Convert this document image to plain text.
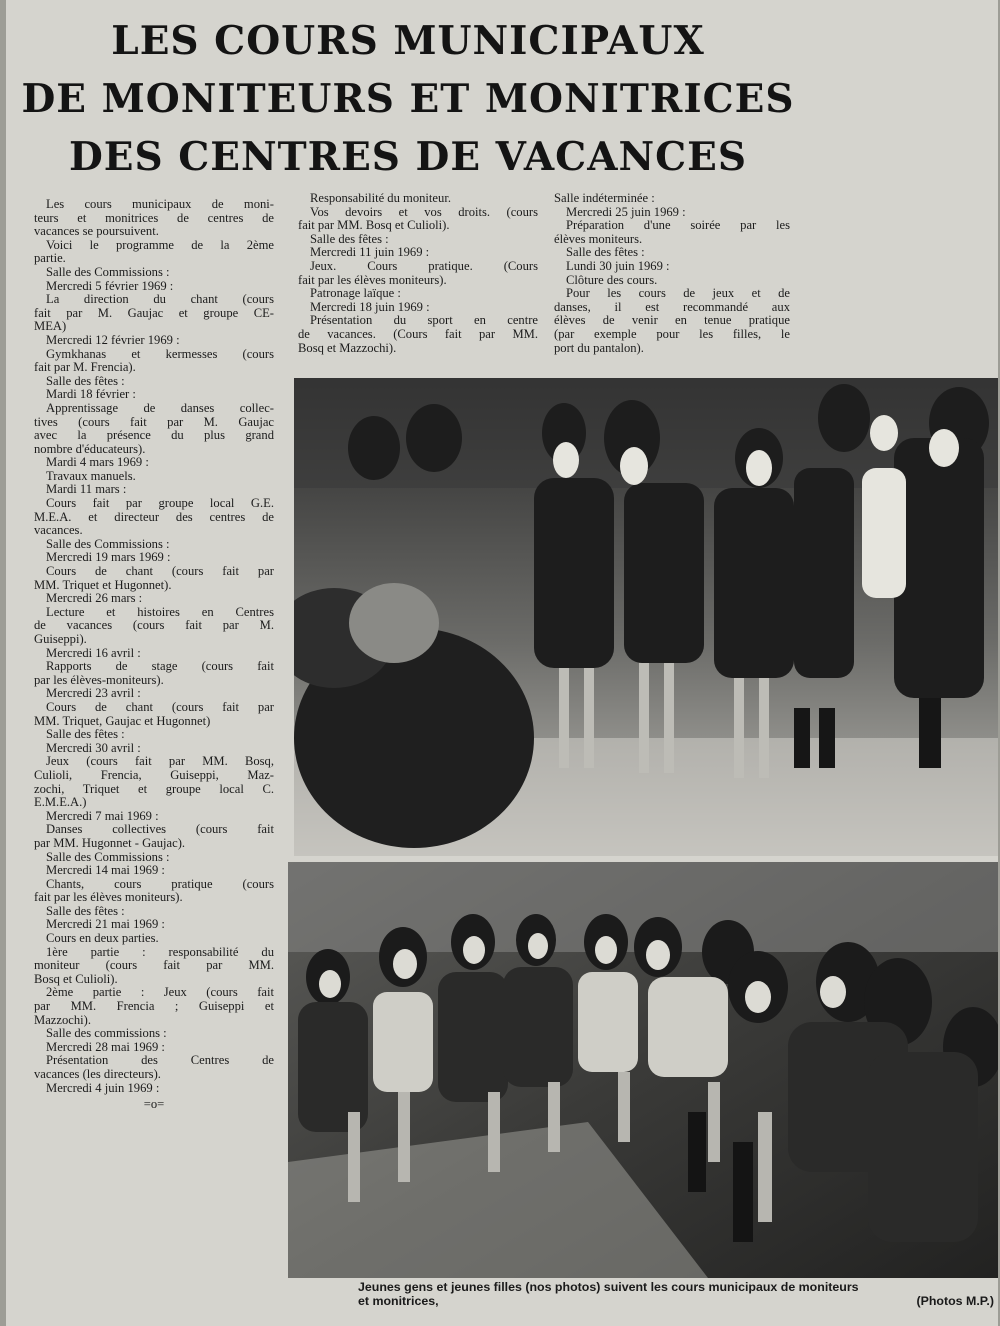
LES COURS MUNICIPAUX
DE MONITEURS ET MONITRICES
DES CENTRES DE VACANCES

Les cours municipaux de moni-

teurs et monitrices de centres de

vacances se poursuivent.

Voici le programme de la 2ème

partie.

Salle des Commissions :

Mercredi 5 février 1969 :

La direction du chant (cours

fait par M. Gaujac et groupe CE-

MEA)

Mercredi 12 février 1969 :

Gymkhanas et kermesses (cours

fait par M. Frencia).

Salle des fêtes :

Mardi 18 février :

Apprentissage de danses collec-

tives (cours fait par M. Gaujac

avec la présence du plus grand

nombre d'éducateurs).

Mardi 4 mars 1969 :

Travaux manuels.

Mardi 11 mars :

Cours fait par groupe local G.E.

M.E.A. et directeur des centres de

vacances.

Salle des Commissions :

Mercredi 19 mars 1969 :

Cours de chant (cours fait par

MM. Triquet et Hugonnet).

Mercredi 26 mars :

Lecture et histoires en Centres

de vacances (cours fait par M.

Guiseppi).

Mercredi 16 avril :

Rapports de stage (cours fait

par les élèves-moniteurs).

Mercredi 23 avril :

Cours de chant (cours fait par

MM. Triquet, Gaujac et Hugonnet)

Salle des fêtes :

Mercredi 30 avril :

Jeux (cours fait par MM. Bosq,

Culioli, Frencia, Guiseppi, Maz-

zochi, Triquet et groupe local C.

E.M.E.A.)

Mercredi 7 mai 1969 :

Danses collectives (cours fait

par MM. Hugonnet - Gaujac).

Salle des Commissions :

Mercredi 14 mai 1969 :

Chants, cours pratique (cours

fait par les élèves moniteurs).

Salle des fêtes :

Mercredi 21 mai 1969 :

Cours en deux parties.

1ère partie : responsabilité du

moniteur (cours fait par MM.

Bosq et Culioli).

2ème partie : Jeux (cours fait

par MM. Frencia ; Guiseppi et

Mazzochi).

Salle des commissions :

Mercredi 28 mai 1969 :

Présentation des Centres de

vacances (les directeurs).

Mercredi 4 juin 1969 :

=o=

Responsabilité du moniteur.

Vos devoirs et vos droits. (cours

fait par MM. Bosq et Culioli).

Salle des fêtes :

Mercredi 11 juin 1969 :

Jeux. Cours pratique. (Cours

fait par les élèves moniteurs).

Patronage laïque :

Mercredi 18 juin 1969 :

Présentation du sport en centre

de vacances. (Cours fait par MM.

Bosq et Mazzochi).

Salle indéterminée :

Mercredi 25 juin 1969 :

Préparation d'une soirée par les

élèves moniteurs.

Salle des fêtes :

Lundi 30 juin 1969 :

Clôture des cours.

Pour les cours de jeux et de

danses, il est recommandé aux

élèves de venir en tenue pratique

(par exemple pour les filles, le

port du pantalon).

Jeunes gens et jeunes filles (nos photos) suivent les cours municipaux de moniteurs
et monitrices,	(Photos M.P.)
